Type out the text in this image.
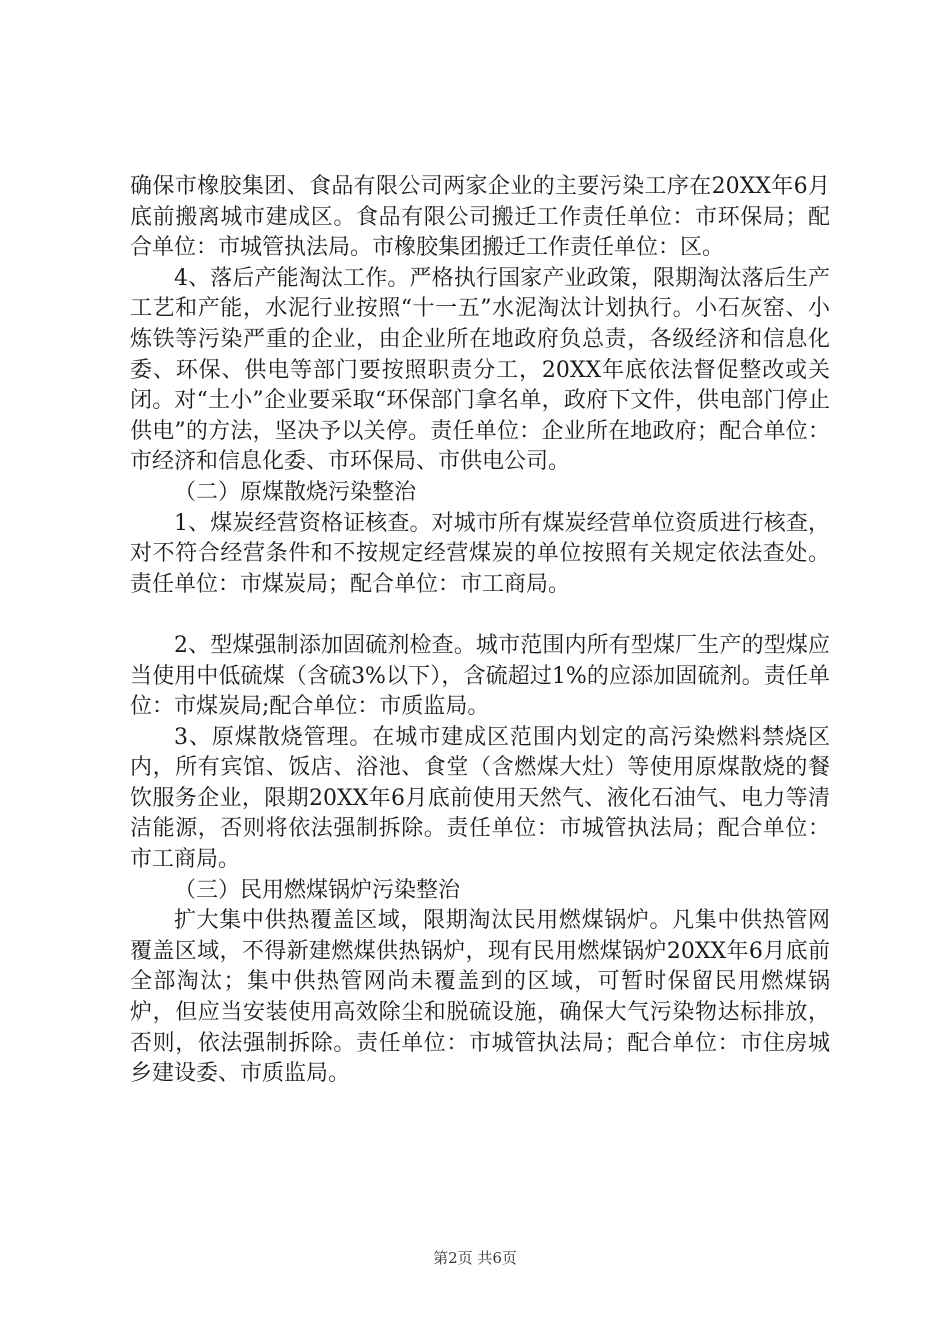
确保市橡胶集团、食品有限公司两家企业的主要污染工序在20XX年6月底前搬离城市建成区。食品有限公司搬迁工作责任单位：市环保局；配合单位：市城管执法局。市橡胶集团搬迁工作责任单位：区。

4、落后产能淘汰工作。严格执行国家产业政策，限期淘汰落后生产工艺和产能，水泥行业按照“十一五”水泥淘汰计划执行。小石灰窑、小炼铁等污染严重的企业，由企业所在地政府负总责，各级经济和信息化委、环保、供电等部门要按照职责分工，20XX年底依法督促整改或关闭。对“土小”企业要采取“环保部门拿名单，政府下文件，供电部门停止供电”的方法，坚决予以关停。责任单位：企业所在地政府；配合单位：市经济和信息化委、市环保局、市供电公司。

（二）原煤散烧污染整治

1、煤炭经营资格证核查。对城市所有煤炭经营单位资质进行核查，对不符合经营条件和不按规定经营煤炭的单位按照有关规定依法查处。责任单位：市煤炭局；配合单位：市工商局。

2、型煤强制添加固硫剂检查。城市范围内所有型煤厂生产的型煤应当使用中低硫煤（含硫3%以下），含硫超过1%的应添加固硫剂。责任单位：市煤炭局;配合单位：市质监局。

3、原煤散烧管理。在城市建成区范围内划定的高污染燃料禁烧区内，所有宾馆、饭店、浴池、食堂（含燃煤大灶）等使用原煤散烧的餐饮服务企业，限期20XX年6月底前使用天然气、液化石油气、电力等清洁能源，否则将依法强制拆除。责任单位：市城管执法局；配合单位：市工商局。

（三）民用燃煤锅炉污染整治

扩大集中供热覆盖区域，限期淘汰民用燃煤锅炉。凡集中供热管网覆盖区域，不得新建燃煤供热锅炉，现有民用燃煤锅炉20XX年6月底前全部淘汰；集中供热管网尚未覆盖到的区域，可暂时保留民用燃煤锅炉，但应当安装使用高效除尘和脱硫设施，确保大气污染物达标排放，否则，依法强制拆除。责任单位：市城管执法局；配合单位：市住房城乡建设委、市质监局。

第2页 共6页
